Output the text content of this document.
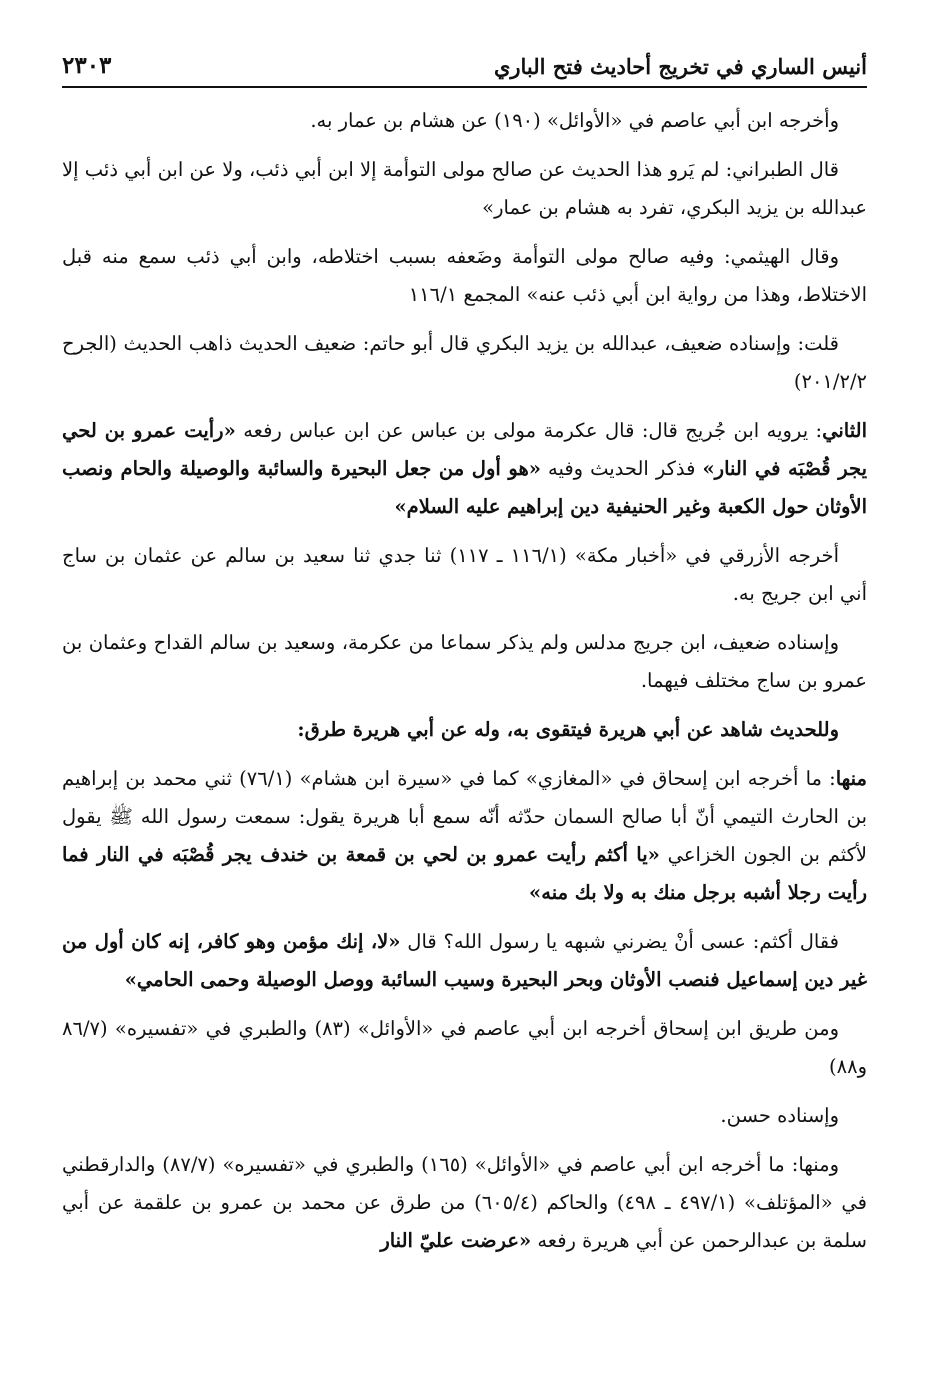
أنيس الساري في تخريج أحاديث فتح الباري
٢٣٠٣

وأخرجه ابن أبي عاصم في «الأوائل» (١٩٠) عن هشام بن عمار به.

قال الطبراني: لم يَرو هذا الحديث عن صالح مولى التوأمة إلا ابن أبي ذئب، ولا عن ابن أبي ذئب إلا عبدالله بن يزيد البكري، تفرد به هشام بن عمار»

وقال الهيثمي: وفيه صالح مولى التوأمة وضَعفه بسبب اختلاطه، وابن أبي ذئب سمع منه قبل الاختلاط، وهذا من رواية ابن أبي ذئب عنه» المجمع ١١٦/١

قلت: وإسناده ضعيف، عبدالله بن يزيد البكري قال أبو حاتم: ضعيف الحديث ذاهب الحديث (الجرح ٢٠١/٢/٢)

الثاني: يرويه ابن جُريج قال: قال عكرمة مولى بن عباس عن ابن عباس رفعه «رأيت عمرو بن لحي يجر قُصْبَه في النار» فذكر الحديث وفيه «هو أول من جعل البحيرة والسائبة والوصيلة والحام ونصب الأوثان حول الكعبة وغير الحنيفية دين إبراهيم عليه السلام»

أخرجه الأزرقي في «أخبار مكة» (١١٦/١ ـ ١١٧) ثنا جدي ثنا سعيد بن سالم عن عثمان بن ساج أني ابن جريج به.

وإسناده ضعيف، ابن جريج مدلس ولم يذكر سماعا من عكرمة، وسعيد بن سالم القداح وعثمان بن عمرو بن ساج مختلف فيهما.

وللحديث شاهد عن أبي هريرة فيتقوى به، وله عن أبي هريرة طرق:

منها: ما أخرجه ابن إسحاق في «المغازي» كما في «سيرة ابن هشام» (٧٦/١) ثني محمد بن إبراهيم بن الحارث التيمي أنّ أبا صالح السمان حدّثه أنّه سمع أبا هريرة يقول: سمعت رسول الله ﷺ يقول لأكثم بن الجون الخزاعي «يا أكثم رأيت عمرو بن لحي بن قمعة بن خندف يجر قُصْبَه في النار فما رأيت رجلا أشبه برجل منك به ولا بك منه»

فقال أكثم: عسى أنْ يضرني شبهه يا رسول الله؟ قال «لا، إنك مؤمن وهو كافر، إنه كان أول من غير دين إسماعيل فنصب الأوثان وبحر البحيرة وسيب السائبة ووصل الوصيلة وحمى الحامي»

ومن طريق ابن إسحاق أخرجه ابن أبي عاصم في «الأوائل» (٨٣) والطبري في «تفسيره» (٨٦/٧ و٨٨)

وإسناده حسن.

ومنها: ما أخرجه ابن أبي عاصم في «الأوائل» (١٦٥) والطبري في «تفسيره» (٨٧/٧) والدارقطني في «المؤتلف» (٤٩٧/١ ـ ٤٩٨) والحاكم (٦٠٥/٤) من طرق عن محمد بن عمرو بن علقمة عن أبي سلمة بن عبدالرحمن عن أبي هريرة رفعه «عرضت عليّ النار
